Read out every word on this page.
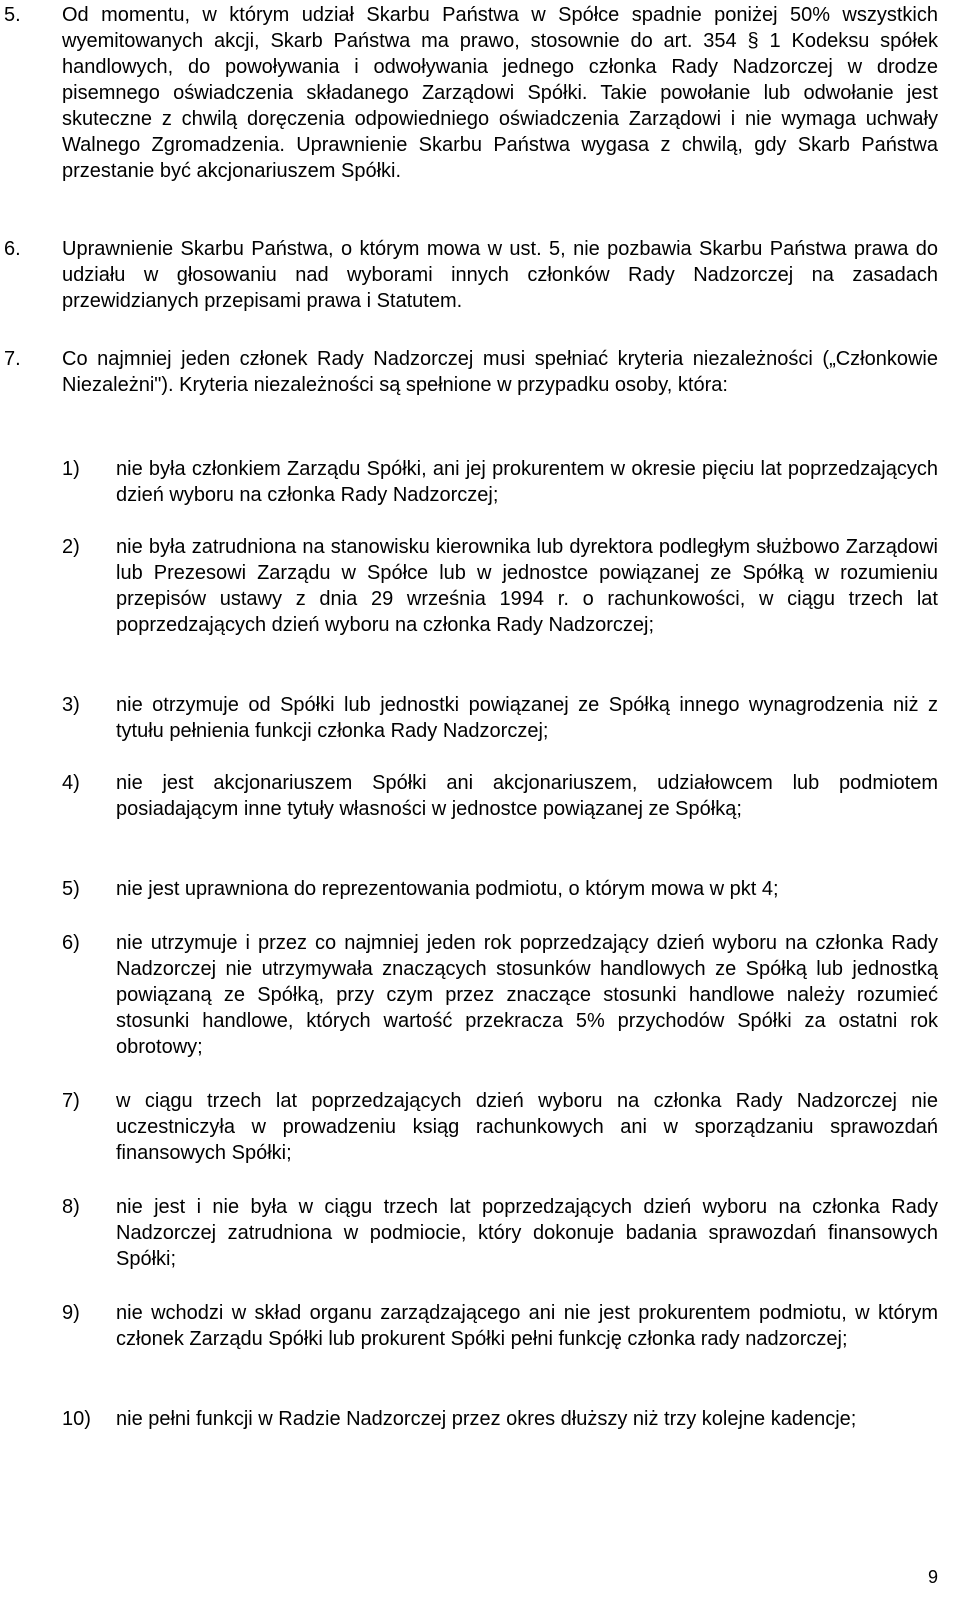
5. Od momentu, w którym udział Skarbu Państwa w Spółce spadnie poniżej 50% wszystkich wyemitowanych akcji, Skarb Państwa ma prawo, stosownie do art. 354 § 1 Kodeksu spółek handlowych, do powoływania i odwoływania jednego członka Rady Nadzorczej w drodze pisemnego oświadczenia składanego Zarządowi Spółki. Takie powołanie lub odwołanie jest skuteczne z chwilą doręczenia odpowiedniego oświadczenia Zarządowi i nie wymaga uchwały Walnego Zgromadzenia. Uprawnienie Skarbu Państwa wygasa z chwilą, gdy Skarb Państwa przestanie być akcjonariuszem Spółki.
6. Uprawnienie Skarbu Państwa, o którym mowa w ust. 5, nie pozbawia Skarbu Państwa prawa do udziału w głosowaniu nad wyborami innych członków Rady Nadzorczej na zasadach przewidzianych przepisami prawa i Statutem.
7. Co najmniej jeden członek Rady Nadzorczej musi spełniać kryteria niezależności („Członkowie Niezależni"). Kryteria niezależności są spełnione w przypadku osoby, która:
1) nie była członkiem Zarządu Spółki, ani jej prokurentem w okresie pięciu lat poprzedzających dzień wyboru na członka Rady Nadzorczej;
2) nie była zatrudniona na stanowisku kierownika lub dyrektora podległym służbowo Zarządowi lub Prezesowi Zarządu w Spółce lub w jednostce powiązanej ze Spółką w rozumieniu przepisów ustawy z dnia 29 września 1994 r. o rachunkowości, w ciągu trzech lat poprzedzających dzień wyboru na członka Rady Nadzorczej;
3) nie otrzymuje od Spółki lub jednostki powiązanej ze Spółką innego wynagrodzenia niż z tytułu pełnienia funkcji członka Rady Nadzorczej;
4) nie jest akcjonariuszem Spółki ani akcjonariuszem, udziałowcem lub podmiotem posiadającym inne tytuły własności w jednostce powiązanej ze Spółką;
5) nie jest uprawniona do reprezentowania podmiotu, o którym mowa w pkt 4;
6) nie utrzymuje i przez co najmniej jeden rok poprzedzający dzień wyboru na członka Rady Nadzorczej nie utrzymywała znaczących stosunków handlowych ze Spółką lub jednostką powiązaną ze Spółką, przy czym przez znaczące stosunki handlowe należy rozumieć stosunki handlowe, których wartość przekracza 5% przychodów Spółki za ostatni rok obrotowy;
7) w ciągu trzech lat poprzedzających dzień wyboru na członka Rady Nadzorczej nie uczestniczyła w prowadzeniu ksiąg rachunkowych ani w sporządzaniu sprawozdań finansowych Spółki;
8) nie jest i nie była w ciągu trzech lat poprzedzających dzień wyboru na członka Rady Nadzorczej zatrudniona w podmiocie, który dokonuje badania sprawozdań finansowych Spółki;
9) nie wchodzi w skład organu zarządzającego ani nie jest prokurentem podmiotu, w którym członek Zarządu Spółki lub prokurent Spółki pełni funkcję członka rady nadzorczej;
10) nie pełni funkcji w Radzie Nadzorczej przez okres dłuższy niż trzy kolejne kadencje;
9
